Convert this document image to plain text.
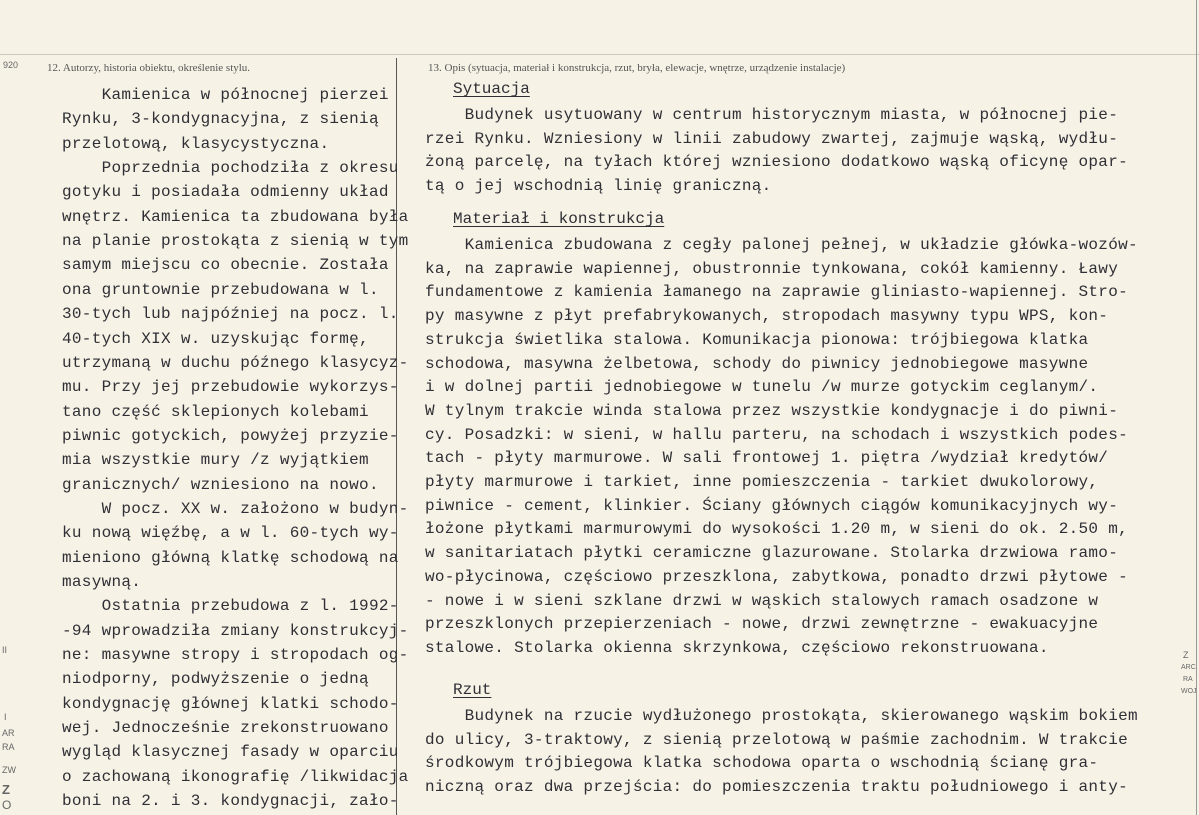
920
II
I
AR
RA
ZW
Z
O
Z
ARC
RA
WOJ
12. Autorzy, historia obiektu, określenie stylu.	13. Opis (sytuacja, materiał i konstrukcja, rzut, bryła, elewacje, wnętrze, urządzenie instalacje)
Kamienica w północnej pierzei
Rynku, 3-kondygnacyjna, z sienią
przelotową, klasycystyczna.
Poprzednia pochodziła z okresu
gotyku i posiadała odmienny układ
wnętrz. Kamienica ta zbudowana była
na planie prostokąta z sienią w tym
samym miejscu co obecnie. Została
ona gruntownie przebudowana w l.
30-tych lub najpóźniej na pocz. l.
40-tych XIX w. uzyskując formę,
utrzymaną w duchu późnego klasycyz-
mu. Przy jej przebudowie wykorzys-
tano część sklepionych kolebami
piwnic gotyckich, powyżej przyzie-
mia wszystkie mury /z wyjątkiem
granicznych/ wzniesiono na nowo.
W pocz. XX w. założono w budyn-
ku nową więźbę, a w l. 60-tych wy-
mieniono główną klatkę schodową na
masywną.
Ostatnia przebudowa z l. 1992-
-94 wprowadziła zmiany konstrukcyj-
ne: masywne stropy i stropodach og-
niodporny, podwyższenie o jedną
kondygnację głównej klatki schodo-
wej. Jednocześnie zrekonstruowano
wygląd klasycznej fasady w oparciu
o zachowaną ikonografię /likwidacja
boni na 2. i 3. kondygnacji, zało-
Sytuacja
Budynek usytuowany w centrum historycznym miasta, w północnej pie-
rzei Rynku. Wzniesiony w linii zabudowy zwartej, zajmuje wąską, wydłu-
żoną parcelę, na tyłach której wzniesiono dodatkowo wąską oficynę opar-
tą o jej wschodnią linię graniczną.
Materiał i konstrukcja
Kamienica zbudowana z cegły palonej pełnej, w układzie główka-wozów-
ka, na zaprawie wapiennej, obustronnie tynkowana, cokół kamienny. Ławy
fundamentowe z kamienia łamanego na zaprawie gliniasto-wapiennej. Stro-
py masywne z płyt prefabrykowanych, stropodach masywny typu WPS, kon-
strukcja świetlika stalowa. Komunikacja pionowa: trójbiegowa klatka
schodowa, masywna żelbetowa, schody do piwnicy jednobiegowe masywne
i w dolnej partii jednobiegowe w tunelu /w murze gotyckim ceglanym/.
W tylnym trakcie winda stalowa przez wszystkie kondygnacje i do piwni-
cy. Posadzki: w sieni, w hallu parteru, na schodach i wszystkich podes-
tach - płyty marmurowe. W sali frontowej 1. piętra /wydział kredytów/
płyty marmurowe i tarkiet, inne pomieszczenia - tarkiet dwukolorowy,
piwnice - cement, klinkier. Ściany głównych ciągów komunikacyjnych wy-
łożone płytkami marmurowymi do wysokości 1.20 m, w sieni do ok. 2.50 m,
w sanitariatach płytki ceramiczne glazurowane. Stolarka drzwiowa ramo-
wo-płycinowa, częściowo przeszklona, zabytkowa, ponadto drzwi płytowe -
- nowe i w sieni szklane drzwi w wąskich stalowych ramach osadzone w
przeszklonych przepierzeniach - nowe, drzwi zewnętrzne - ewakuacyjne
stalowe. Stolarka okienna skrzynkowa, częściowo rekonstruowana.
Rzut
Budynek na rzucie wydłużonego prostokąta, skierowanego wąskim bokiem
do ulicy, 3-traktowy, z sienią przelotową w paśmie zachodnim. W trakcie
środkowym trójbiegowa klatka schodowa oparta o wschodnią ścianę gra-
niczną oraz dwa przejścia: do pomieszczenia traktu południowego i anty-
